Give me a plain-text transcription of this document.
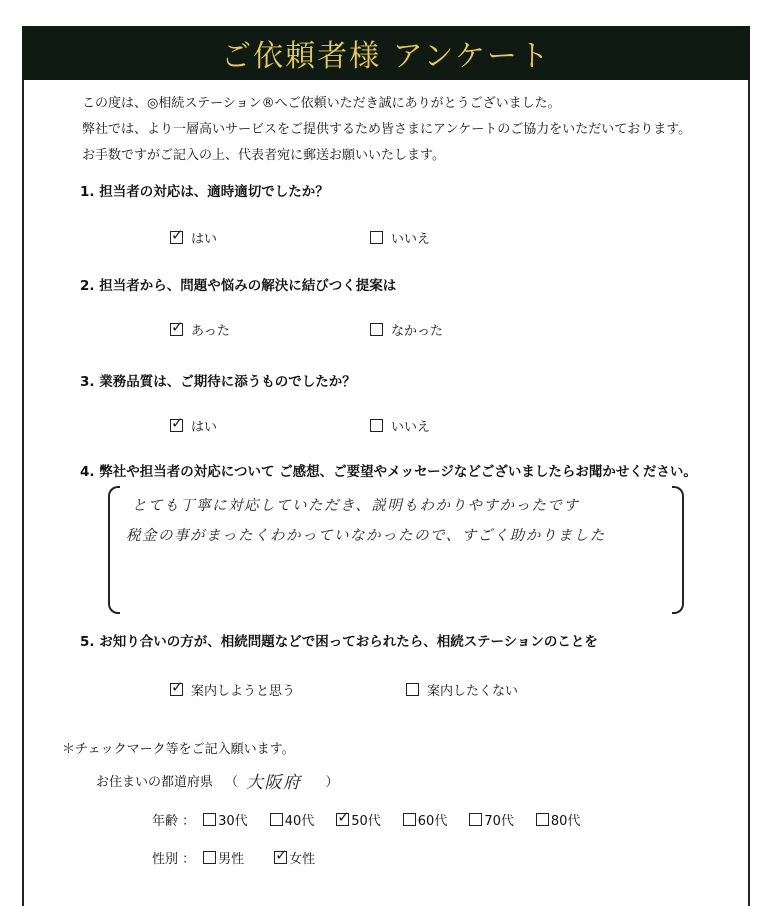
ご依頼者様 アンケート
この度は、◎相続ステーション®へご依頼いただき誠にありがとうございました。
弊社では、より一層高いサービスをご提供するため皆さまにアンケートのご協力をいただいております。
お手数ですがご記入の上、代表者宛に郵送お願いいたします。
1. 担当者の対応は、適時適切でしたか？
✓ はい	いいえ
2. 担当者から、問題や悩みの解決に結びつく提案は
✓ あった	なかった
3. 業務品質は、ご期待に添うものでしたか？
✓ はい	いいえ
4. 弊社や担当者の対応について ご感想、ご要望やメッセージなどございましたらお聞かせください。
とても丁寧に対応していただき、説明もわかりやすかったです
税金の事がまったくわかっていなかったので、すごく助かりました
5. お知り合いの方が、相続問題などで困っておられたら、相続ステーションのことを
✓ 案内しようと思う	案内したくない
＊チェックマーク等をご記入願います。
お住まいの都道府県 （ 大阪府 ）
年齢 ： 30代	40代 ✓ 50代	60代	70代	80代
性別 ： 男性 ✓ 女性
